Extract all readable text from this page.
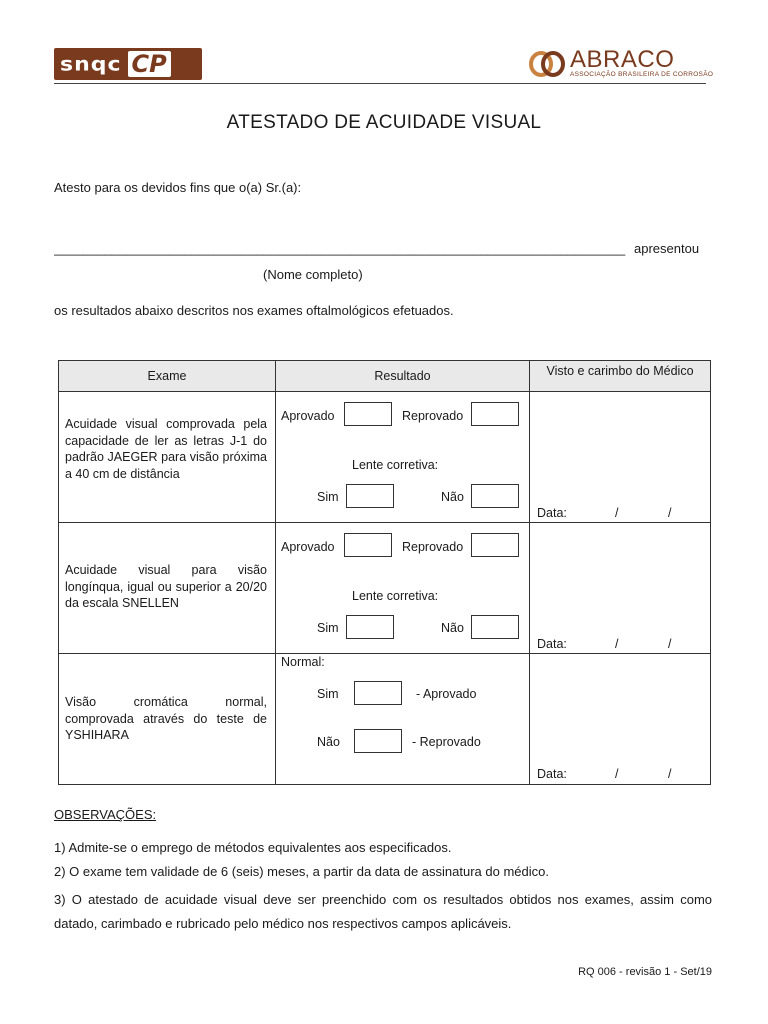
snqc CP	ABRACO
ASSOCIAÇÃO BRASILEIRA DE CORROSÃO
ATESTADO DE ACUIDADE VISUAL
Atesto para os devidos fins que o(a) Sr.(a):
_______________________________________________________________________________ apresentou
(Nome completo)
os resultados abaixo descritos nos exames oftalmológicos efetuados.
Exame	Resultado	Visto e carimbo do Médico

Acuidade visual comprovada pela capacidade de ler as letras J-1 do padrão JAEGER para visão próxima a 40 cm de distância	Aprovado Reprovado
Lente corretiva:
Sim Não	Data: / /

Acuidade visual para visão longínqua, igual ou superior a 20/20 da escala SNELLEN	Aprovado Reprovado
Lente corretiva:
Sim Não	Data: / /

Visão cromática normal, comprovada através do teste de YSHIHARA	Normal:
Sim - Aprovado
Não - Reprovado	Data: / /
OBSERVAÇÕES:
1) Admite-se o emprego de métodos equivalentes aos especificados.
2) O exame tem validade de 6 (seis) meses, a partir da data de assinatura do médico.
3) O atestado de acuidade visual deve ser preenchido com os resultados obtidos nos exames, assim como datado, carimbado e rubricado pelo médico nos respectivos campos aplicáveis.
RQ 006 - revisão 1 - Set/19
